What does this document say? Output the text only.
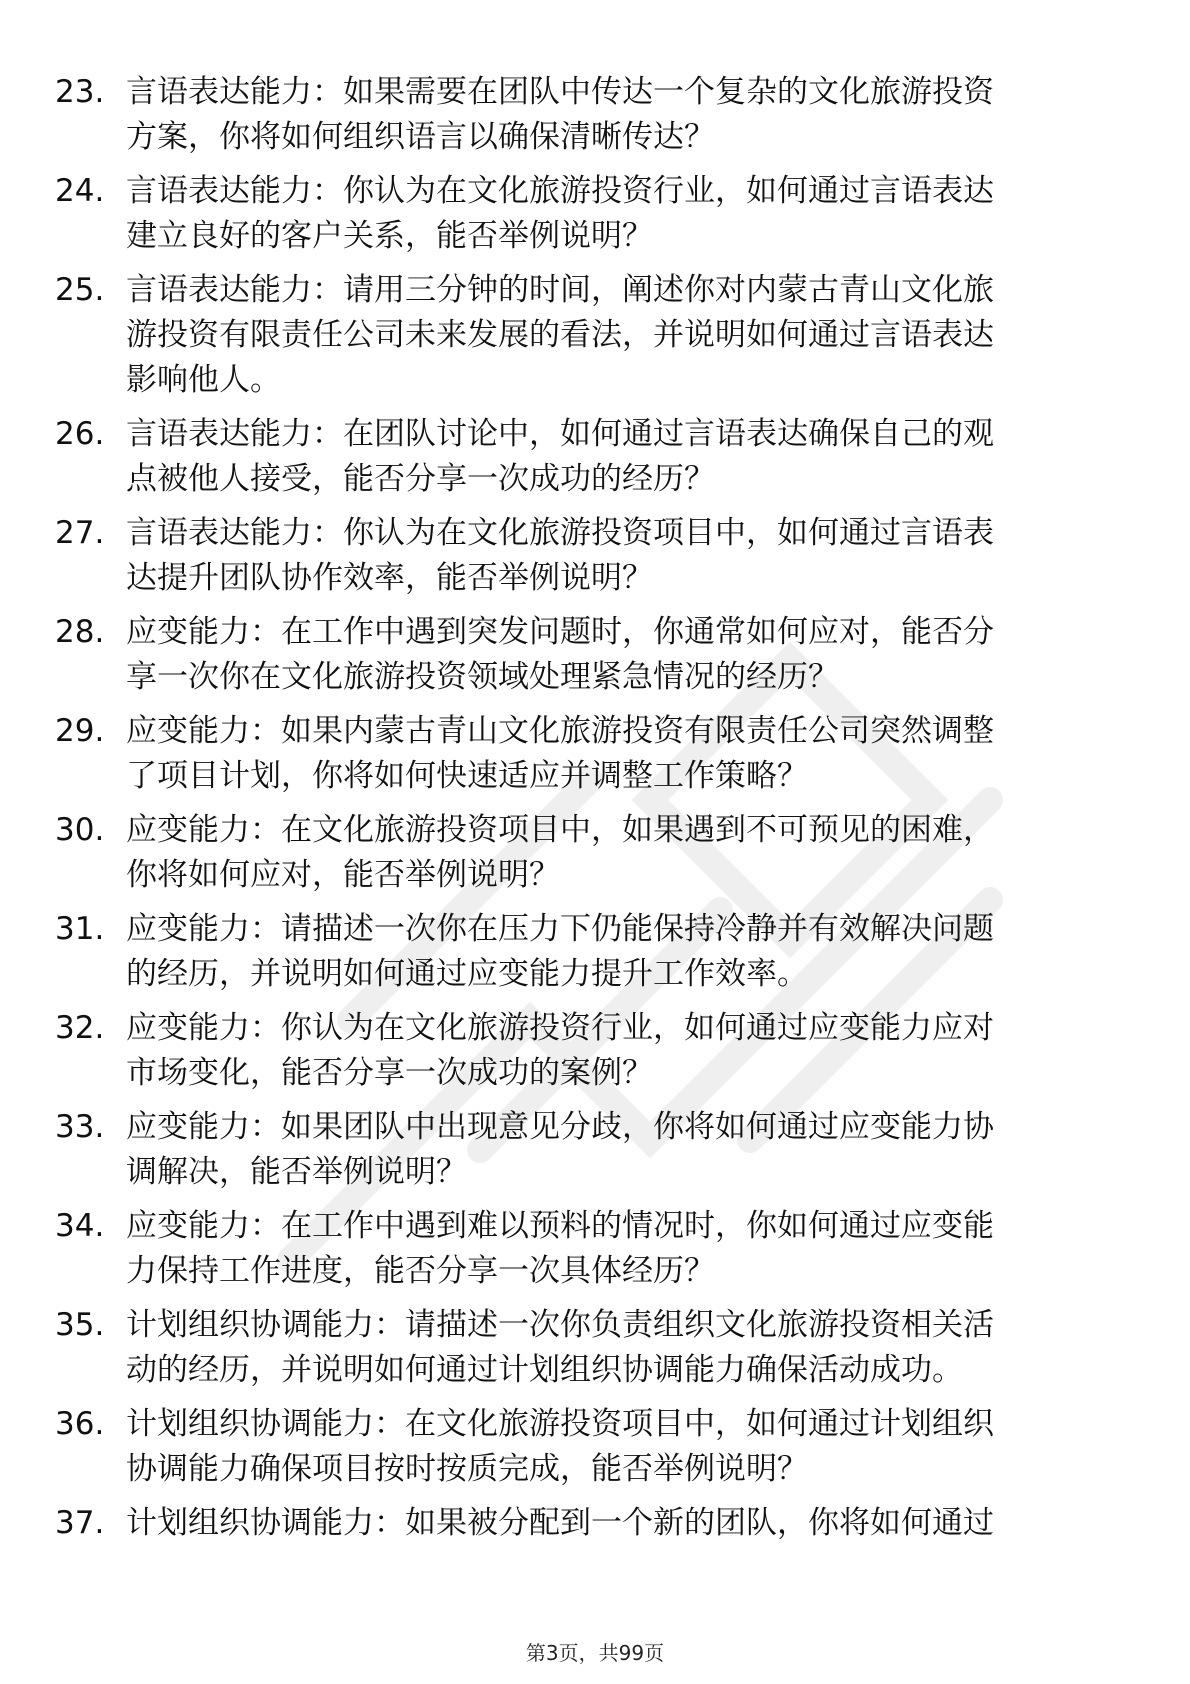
23. 言语表达能力：如果需要在团队中传达一个复杂的文化旅游投资
方案，你将如何组织语言以确保清晰传达？
24. 言语表达能力：你认为在文化旅游投资行业，如何通过言语表达
建立良好的客户关系，能否举例说明？
25. 言语表达能力：请用三分钟的时间，阐述你对内蒙古青山文化旅
游投资有限责任公司未来发展的看法，并说明如何通过言语表达
影响他人。
26. 言语表达能力：在团队讨论中，如何通过言语表达确保自己的观
点被他人接受，能否分享一次成功的经历？
27. 言语表达能力：你认为在文化旅游投资项目中，如何通过言语表
达提升团队协作效率，能否举例说明？
28. 应变能力：在工作中遇到突发问题时，你通常如何应对，能否分
享一次你在文化旅游投资领域处理紧急情况的经历？
29. 应变能力：如果内蒙古青山文化旅游投资有限责任公司突然调整
了项目计划，你将如何快速适应并调整工作策略？
30. 应变能力：在文化旅游投资项目中，如果遇到不可预见的困难，
你将如何应对，能否举例说明？
31. 应变能力：请描述一次你在压力下仍能保持冷静并有效解决问题
的经历，并说明如何通过应变能力提升工作效率。
32. 应变能力：你认为在文化旅游投资行业，如何通过应变能力应对
市场变化，能否分享一次成功的案例？
33. 应变能力：如果团队中出现意见分歧，你将如何通过应变能力协
调解决，能否举例说明？
34. 应变能力：在工作中遇到难以预料的情况时，你如何通过应变能
力保持工作进度，能否分享一次具体经历？
35. 计划组织协调能力：请描述一次你负责组织文化旅游投资相关活
动的经历，并说明如何通过计划组织协调能力确保活动成功。
36. 计划组织协调能力：在文化旅游投资项目中，如何通过计划组织
协调能力确保项目按时按质完成，能否举例说明？
37. 计划组织协调能力：如果被分配到一个新的团队，你将如何通过
第3页，共99页
